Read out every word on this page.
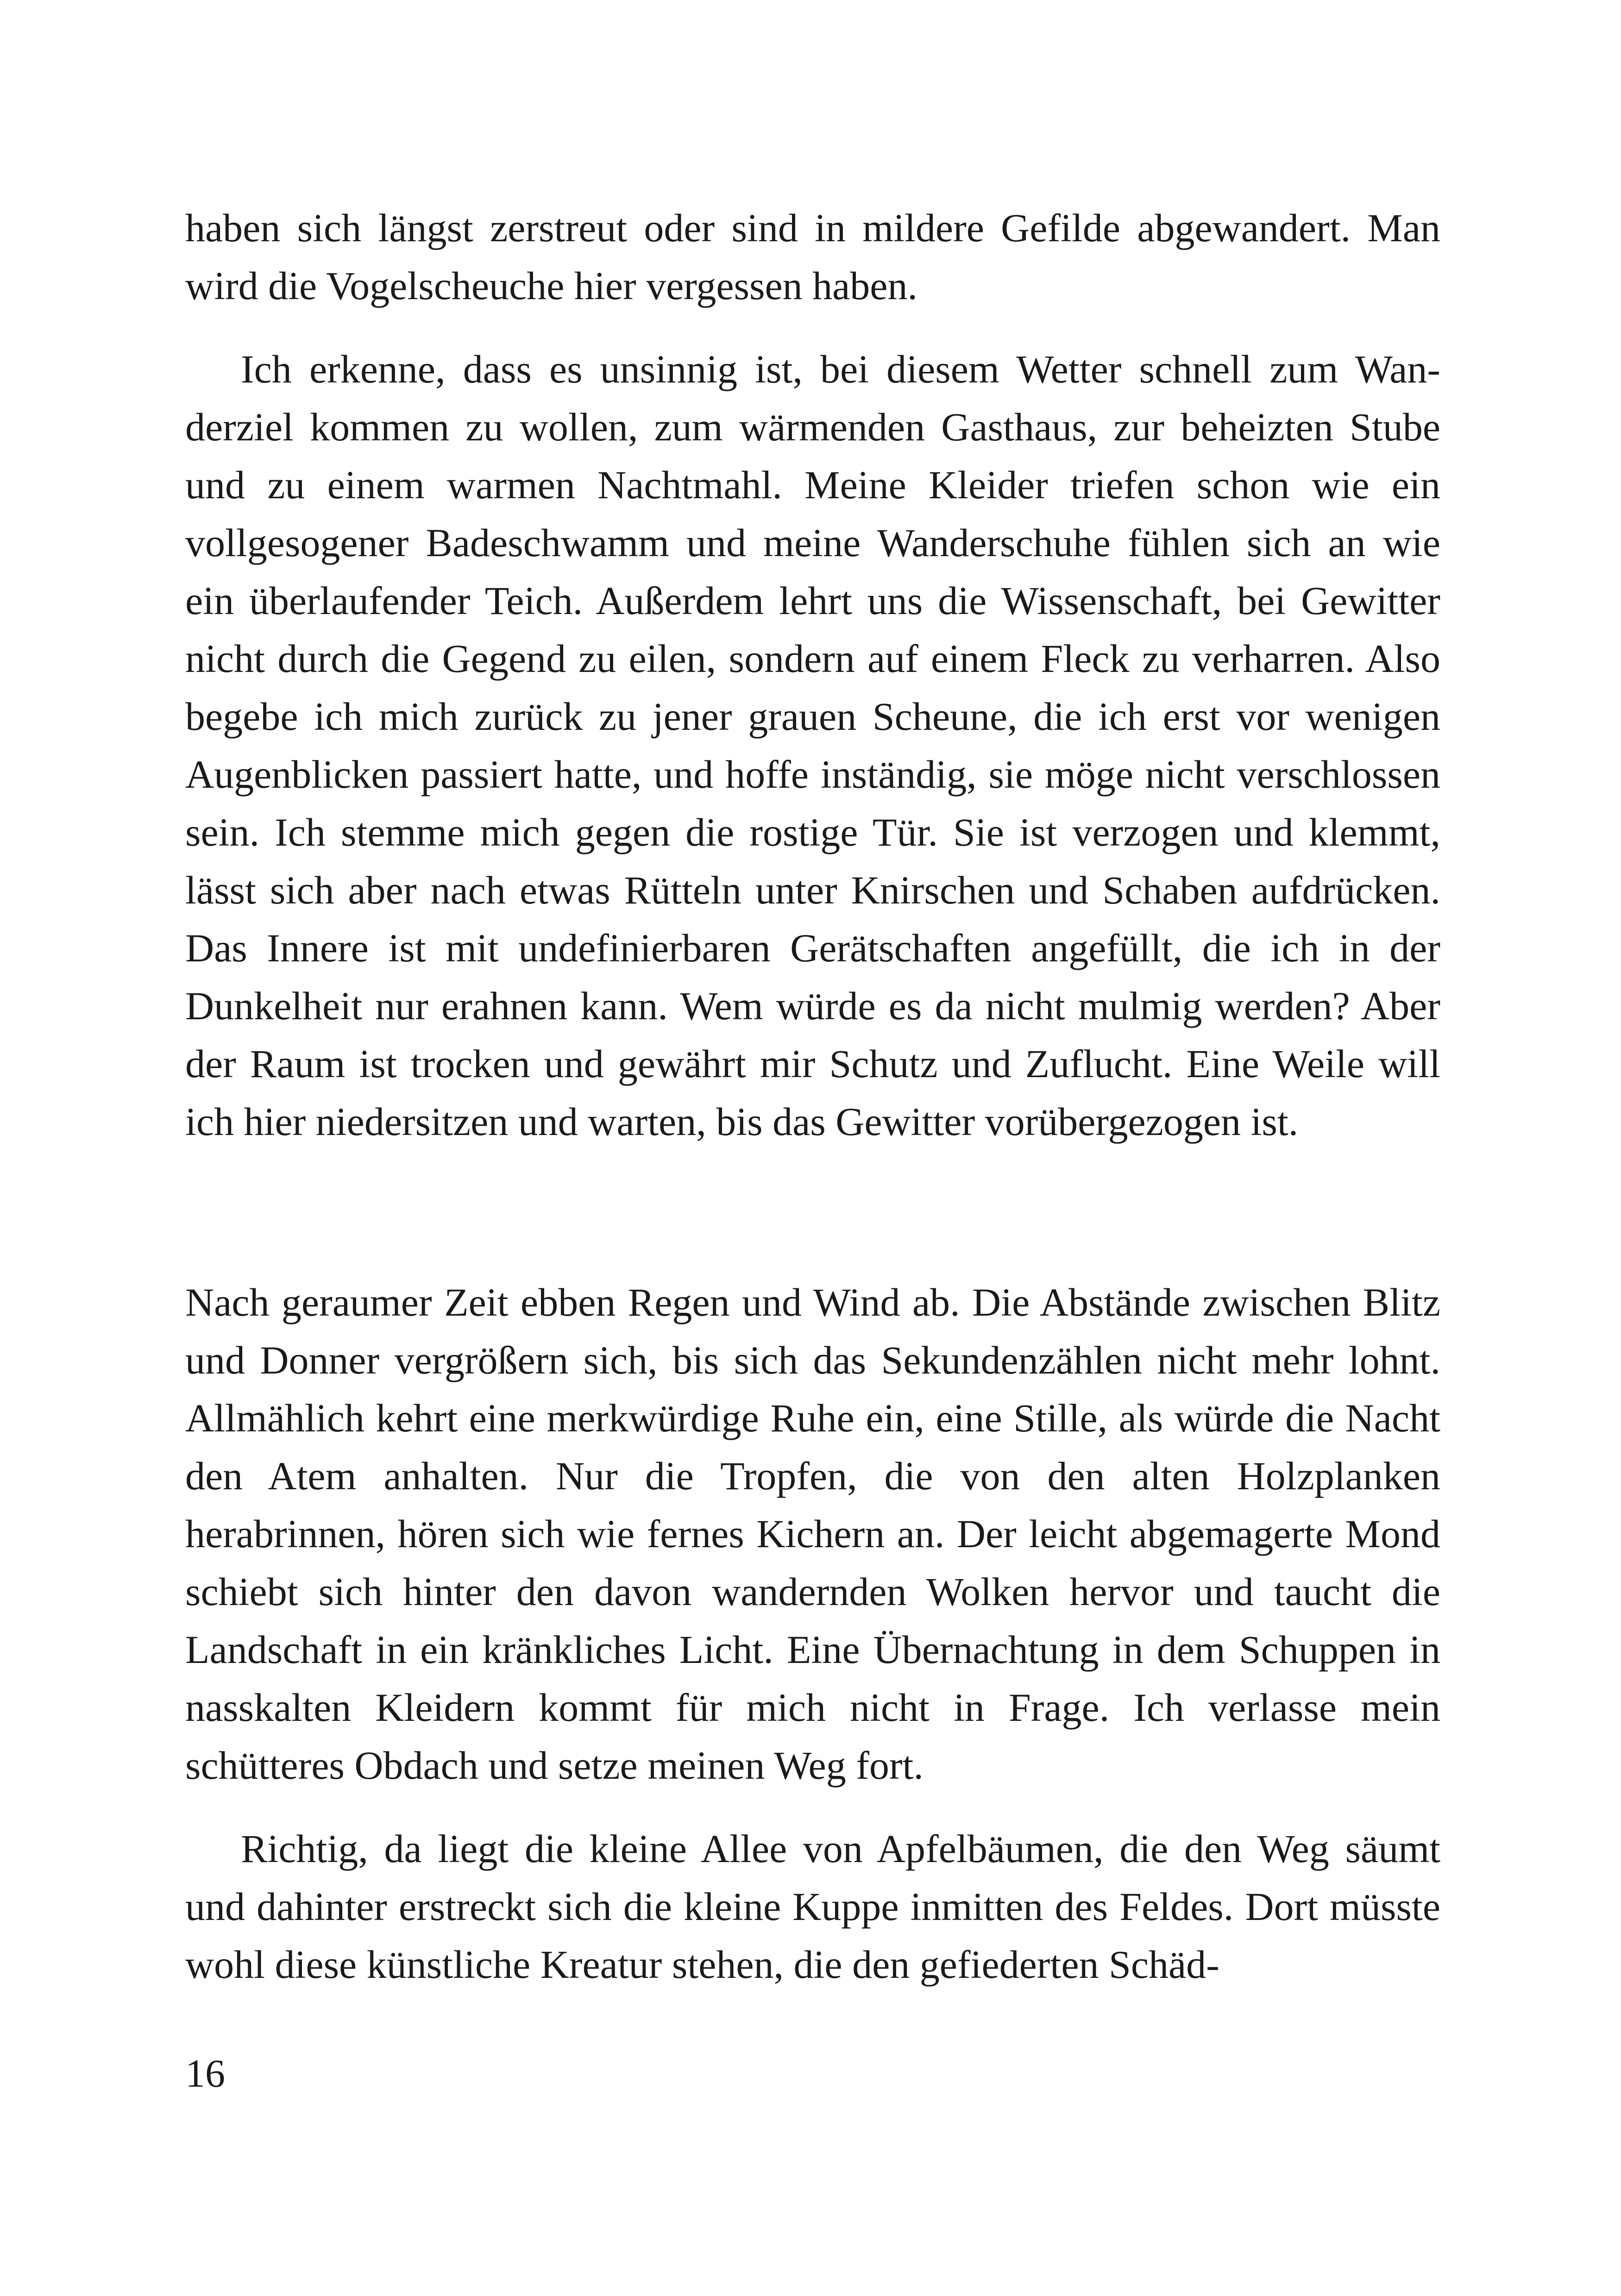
haben sich längst zerstreut oder sind in mildere Gefilde abgewandert. Man wird die Vogelscheuche hier vergessen haben.

Ich erkenne, dass es unsinnig ist, bei diesem Wetter schnell zum Wanderziel kommen zu wollen, zum wärmenden Gasthaus, zur beheizten Stube und zu einem warmen Nachtmahl. Meine Kleider triefen schon wie ein vollgesogener Badeschwamm und meine Wanderschuhe fühlen sich an wie ein überlaufender Teich. Außerdem lehrt uns die Wissenschaft, bei Gewitter nicht durch die Gegend zu eilen, sondern auf einem Fleck zu verharren. Also begebe ich mich zurück zu jener grauen Scheune, die ich erst vor wenigen Augenblicken passiert hatte, und hoffe inständig, sie möge nicht verschlossen sein. Ich stemme mich gegen die rostige Tür. Sie ist verzogen und klemmt, lässt sich aber nach etwas Rütteln unter Knirschen und Schaben aufdrücken. Das Innere ist mit undefinierbaren Gerätschaften angefüllt, die ich in der Dunkelheit nur erahnen kann. Wem würde es da nicht mulmig werden? Aber der Raum ist trocken und gewährt mir Schutz und Zuflucht. Eine Weile will ich hier niedersitzen und warten, bis das Gewitter vorübergezogen ist.

Nach geraumer Zeit ebben Regen und Wind ab. Die Abstände zwischen Blitz und Donner vergrößern sich, bis sich das Sekundenzählen nicht mehr lohnt. Allmählich kehrt eine merkwürdige Ruhe ein, eine Stille, als würde die Nacht den Atem anhalten. Nur die Tropfen, die von den alten Holzplanken herabrinnen, hören sich wie fernes Kichern an. Der leicht abgemagerte Mond schiebt sich hinter den davon wandernden Wolken hervor und taucht die Landschaft in ein kränkliches Licht. Eine Übernachtung in dem Schuppen in nasskalten Kleidern kommt für mich nicht in Frage. Ich verlasse mein schütteres Obdach und setze meinen Weg fort.

Richtig, da liegt die kleine Allee von Apfelbäumen, die den Weg säumt und dahinter erstreckt sich die kleine Kuppe inmitten des Feldes. Dort müsste wohl diese künstliche Kreatur stehen, die den gefiederten Schäd-

16
